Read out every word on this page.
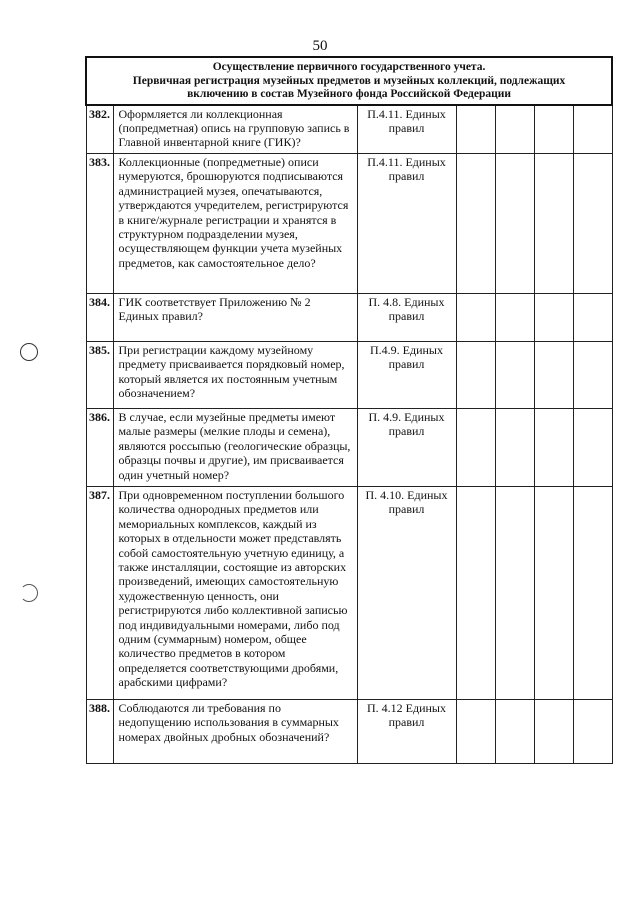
50
Осуществление первичного государственного учета.
Первичная регистрация музейных предметов и музейных коллекций, подлежащих
включению в состав Музейного фонда Российской Федерации						

382.	Оформляется ли коллекционная (попредметная) опись на групповую запись в Главной инвентарной книге (ГИК)?	П.4.11. Единых правил				
383.	Коллекционные (попредметные) описи нумеруются, брошюруются подписываются администрацией музея, опечатываются, утверждаются учредителем, регистрируются в книге/журнале регистрации и хранятся в структурном подразделении музея, осуществляющем функции учета музейных предметов, как самостоятельное дело?	П.4.11. Единых правил				
384.	ГИК соответствует Приложению № 2 Единых правил?	П. 4.8. Единых правил				
385.	При регистрации каждому музейному предмету присваивается порядковый номер, который является их постоянным учетным обозначением?	П.4.9. Единых правил				
386.	В случае, если музейные предметы имеют малые размеры (мелкие плоды и семена), являются россыпью (геологические образцы, образцы почвы и другие), им присваивается один учетный номер?	П. 4.9. Единых правил				
387.	При одновременном поступлении большого количества однородных предметов или мемориальных комплексов, каждый из которых в отдельности может представлять собой самостоятельную учетную единицу, а также инсталляции, состоящие из авторских произведений, имеющих самостоятельную художественную ценность, они регистрируются либо коллективной записью под индивидуальными номерами, либо под одним (суммарным) номером, общее количество предметов в котором определяется соответствующими дробями, арабскими цифрами?	П. 4.10. Единых правил				
388.	Соблюдаются ли требования по недопущению использования в суммарных номерах двойных дробных обозначений?	П. 4.12 Единых правил				
